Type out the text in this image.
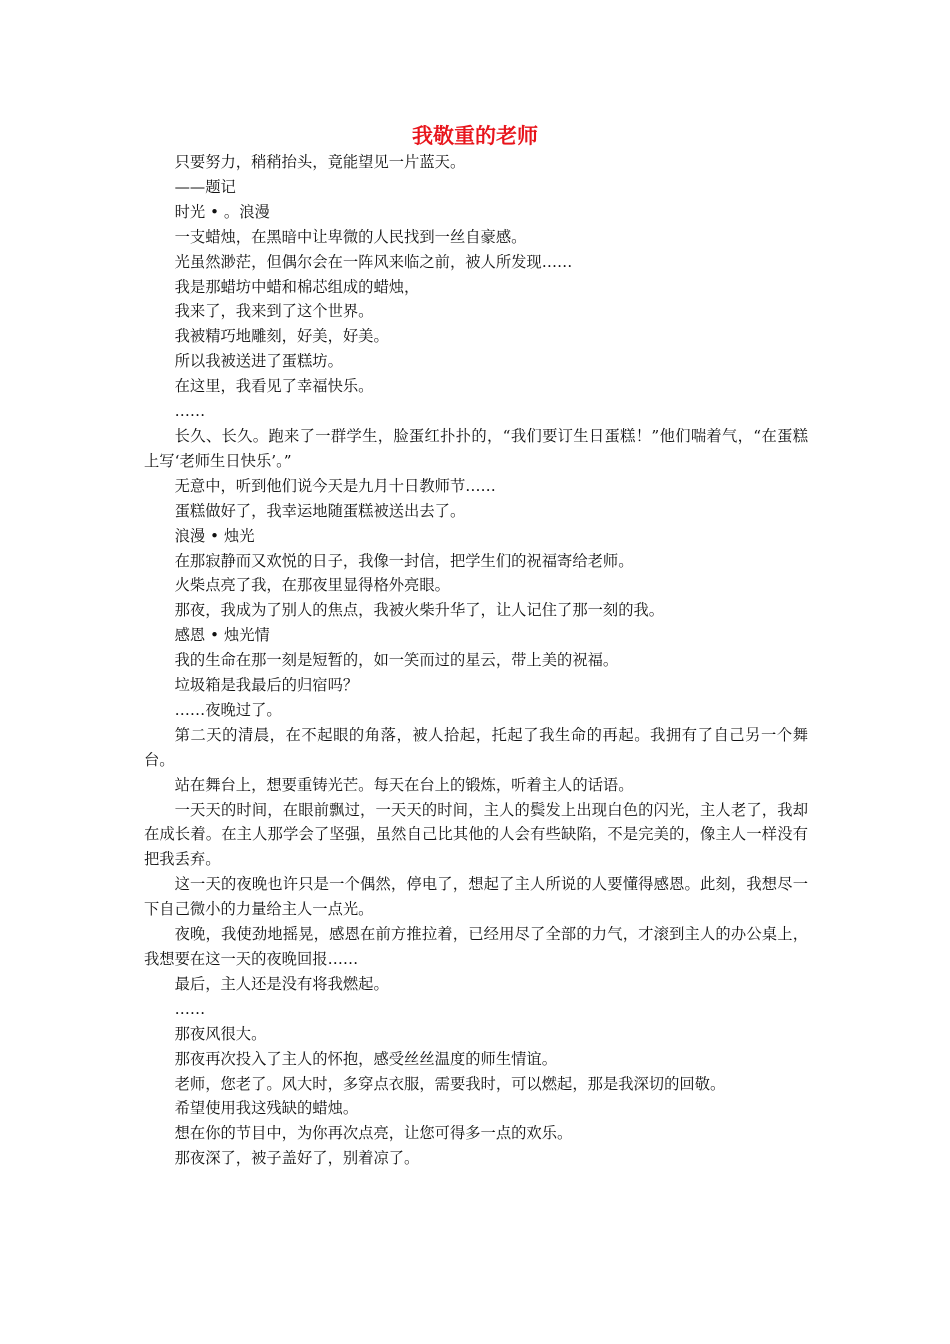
我敬重的老师

只要努力，稍稍抬头，竟能望见一片蓝天。

——题记

时光 • 。浪漫

一支蜡烛，在黑暗中让卑微的人民找到一丝自豪感。

光虽然渺茫，但偶尔会在一阵风来临之前，被人所发现……

我是那蜡坊中蜡和棉芯组成的蜡烛，

我来了，我来到了这个世界。

我被精巧地雕刻，好美，好美。

所以我被送进了蛋糕坊。

在这里，我看见了幸福快乐。

……

长久、长久。跑来了一群学生，脸蛋红扑扑的，“我们要订生日蛋糕！”他们喘着气，“在蛋糕上写‘老师生日快乐’。”

无意中，听到他们说今天是九月十日教师节……

蛋糕做好了，我幸运地随蛋糕被送出去了。

浪漫 • 烛光

在那寂静而又欢悦的日子，我像一封信，把学生们的祝福寄给老师。

火柴点亮了我，在那夜里显得格外亮眼。

那夜，我成为了别人的焦点，我被火柴升华了，让人记住了那一刻的我。

感恩 • 烛光情

我的生命在那一刻是短暂的，如一笑而过的星云，带上美的祝福。

垃圾箱是我最后的归宿吗？

……夜晚过了。

第二天的清晨，在不起眼的角落，被人拾起，托起了我生命的再起。我拥有了自己另一个舞台。

站在舞台上，想要重铸光芒。每天在台上的锻炼，听着主人的话语。

一天天的时间，在眼前飘过，一天天的时间，主人的鬓发上出现白色的闪光，主人老了，我却在成长着。在主人那学会了坚强，虽然自己比其他的人会有些缺陷，不是完美的，像主人一样没有把我丢弃。

这一天的夜晚也许只是一个偶然，停电了，想起了主人所说的人要懂得感恩。此刻，我想尽一下自己微小的力量给主人一点光。

夜晚，我使劲地摇晃，感恩在前方推拉着，已经用尽了全部的力气，才滚到主人的办公桌上，我想要在这一天的夜晚回报……

最后，主人还是没有将我燃起。

……

那夜风很大。

那夜再次投入了主人的怀抱，感受丝丝温度的师生情谊。

老师，您老了。风大时，多穿点衣服，需要我时，可以燃起，那是我深切的回敬。

希望使用我这残缺的蜡烛。

想在你的节目中，为你再次点亮，让您可得多一点的欢乐。

那夜深了，被子盖好了，别着凉了。
